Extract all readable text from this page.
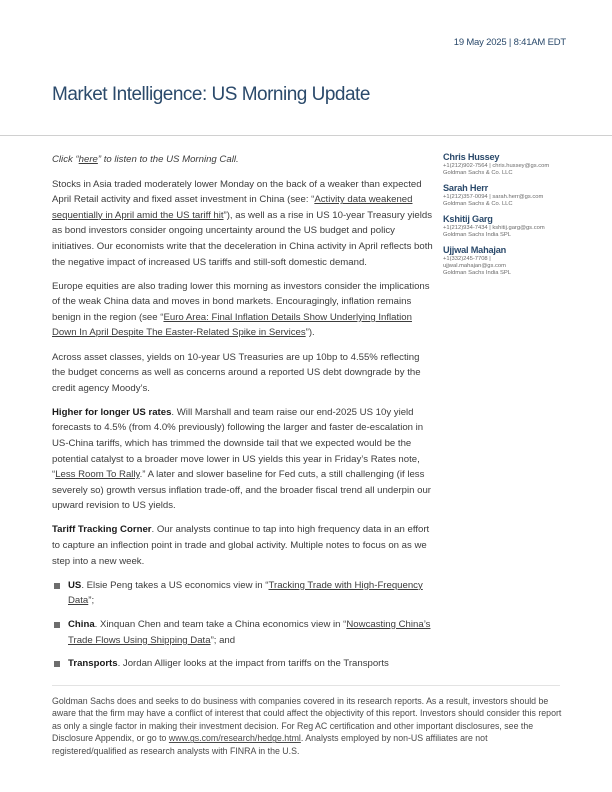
19 May 2025 | 8:41AM EDT
Market Intelligence: US Morning Update

Click “here” to listen to the US Morning Call.

Stocks in Asia traded moderately lower Monday on the back of a weaker than expected April Retail activity and fixed asset investment in China (see: “Activity data weakened sequentially in April amid the US tariff hit”), as well as a rise in US 10-year Treasury yields as bond investors consider ongoing uncertainty around the US budget and policy initiatives. Our economists write that the deceleration in China activity in April reflects both the negative impact of increased US tariffs and still-soft domestic demand.

Europe equities are also trading lower this morning as investors consider the implications of the weak China data and moves in bond markets. Encouragingly, inflation remains benign in the region (see “Euro Area: Final Inflation Details Show Underlying Inflation Down In April Despite The Easter-Related Spike in Services”).

Across asset classes, yields on 10-year US Treasuries are up 10bp to 4.55% reflecting the budget concerns as well as concerns around a reported US debt downgrade by the credit agency Moody’s.

Higher for longer US rates. Will Marshall and team raise our end-2025 US 10y yield forecasts to 4.5% (from 4.0% previously) following the larger and faster de-escalation in US-China tariffs, which has trimmed the downside tail that we expected would be the potential catalyst to a broader move lower in US yields this year in Friday’s Rates note, “Less Room To Rally.” A later and slower baseline for Fed cuts, a still challenging (if less severely so) growth versus inflation trade-off, and the broader fiscal trend all underpin our upward revision to US yields.

Tariff Tracking Corner. Our analysts continue to tap into high frequency data in an effort to capture an inflection point in trade and global activity. Multiple notes to focus on as we step into a new week.

US. Elsie Peng takes a US economics view in “Tracking Trade with High-Frequency Data”;
China. Xinquan Chen and team take a China economics view in “Nowcasting China’s Trade Flows Using Shipping Data”; and
Transports. Jordan Alliger looks at the impact from tariffs on the Transports
Chris Hussey
+1(212)902-7564 | chris.hussey@gs.com
Goldman Sachs & Co. LLC
Sarah Herr
+1(212)357-0094 | sarah.herr@gs.com
Goldman Sachs & Co. LLC
Kshitij Garg
+1(212)934-7434 | kshitij.garg@gs.com
Goldman Sachs India SPL
Ujjwal Mahajan
+1(332)245-7708 |
ujjwal.mahajan@gs.com
Goldman Sachs India SPL
Goldman Sachs does and seeks to do business with companies covered in its research reports. As a result, investors should be aware that the firm may have a conflict of interest that could affect the objectivity of this report. Investors should consider this report as only a single factor in making their investment decision. For Reg AC certification and other important disclosures, see the Disclosure Appendix, or go to www.gs.com/research/hedge.html. Analysts employed by non-US affiliates are not registered/qualified as research analysts with FINRA in the U.S.
